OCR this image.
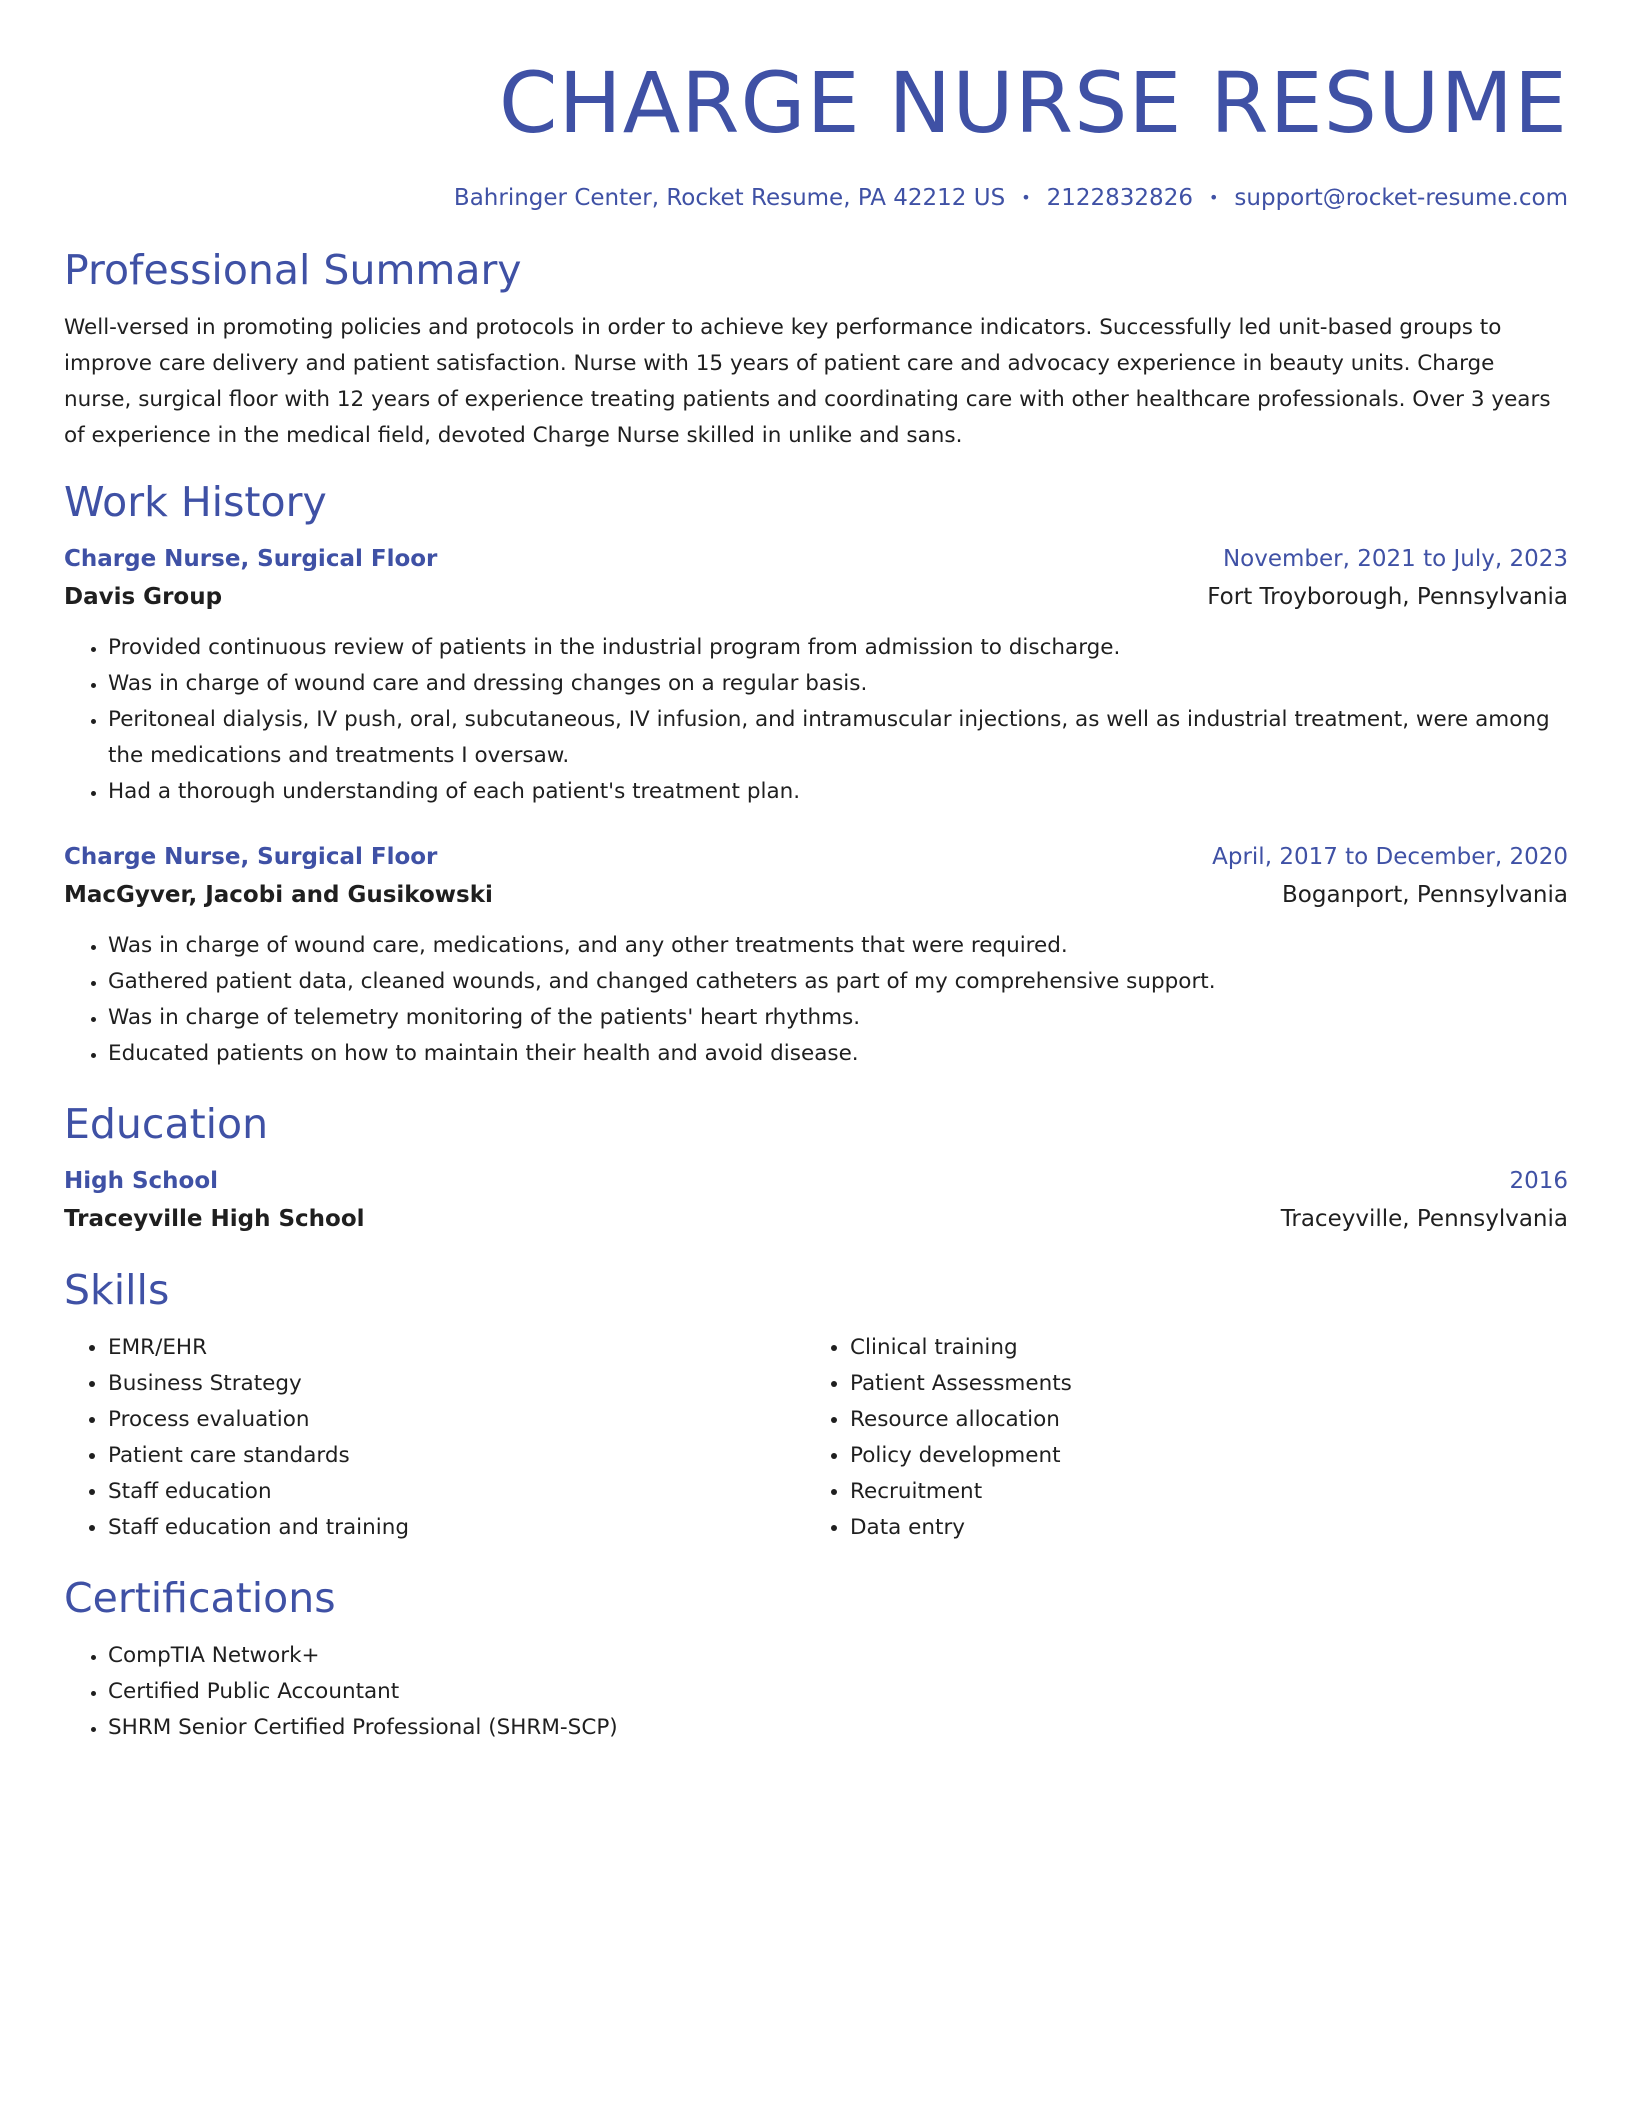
CHARGE NURSE RESUME
Bahringer Center, Rocket Resume, PA 42212 US • 2122832826 • support@rocket-resume.com
Professional Summary

Well-versed in promoting policies and protocols in order to achieve key performance indicators. Successfully led unit-based groups to improve care delivery and patient satisfaction. Nurse with 15 years of patient care and advocacy experience in beauty units. Charge nurse, surgical floor with 12 years of experience treating patients and coordinating care with other healthcare professionals. Over 3 years of experience in the medical field, devoted Charge Nurse skilled in unlike and sans.

Work History
Charge Nurse, Surgical Floor	November, 2021 to July, 2023
Davis Group	Fort Troyborough, Pennsylvania
• Provided continuous review of patients in the industrial program from admission to discharge.
• Was in charge of wound care and dressing changes on a regular basis.
• Peritoneal dialysis, IV push, oral, subcutaneous, IV infusion, and intramuscular injections, as well as industrial treatment, were among the medications and treatments I oversaw.
• Had a thorough understanding of each patient's treatment plan.
Charge Nurse, Surgical Floor	April, 2017 to December, 2020
MacGyver, Jacobi and Gusikowski	Boganport, Pennsylvania
• Was in charge of wound care, medications, and any other treatments that were required.
• Gathered patient data, cleaned wounds, and changed catheters as part of my comprehensive support.
• Was in charge of telemetry monitoring of the patients' heart rhythms.
• Educated patients on how to maintain their health and avoid disease.
Education
High School	2016
Traceyville High School	Traceyville, Pennsylvania
Skills
• EMR/EHR
• Business Strategy
• Process evaluation
• Patient care standards
• Staff education
• Staff education and training
• Clinical training
• Patient Assessments
• Resource allocation
• Policy development
• Recruitment
• Data entry
Certifications
• CompTIA Network+
• Certified Public Accountant
• SHRM Senior Certified Professional (SHRM-SCP)
